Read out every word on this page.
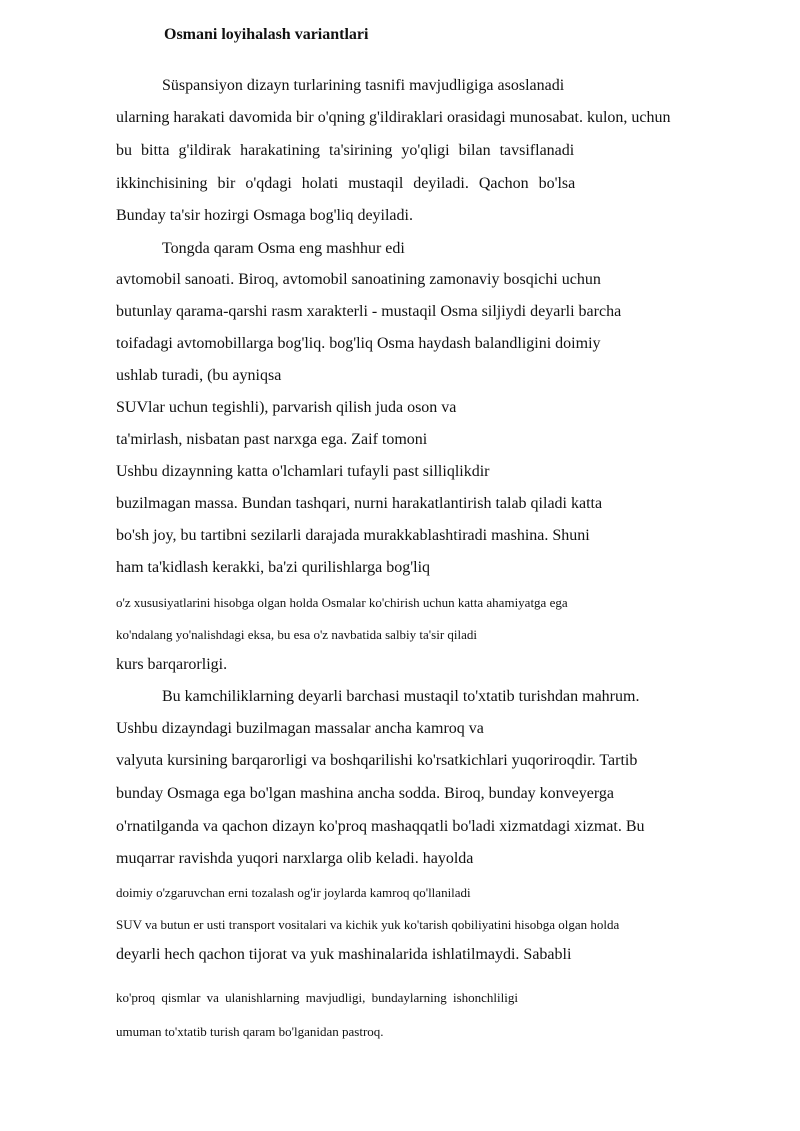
Osmani loyihalash variantlari
Süspansiyon dizayn turlarining tasnifi mavjudligiga asoslanadi
ularning harakati davomida bir o'qning g'ildiraklari orasidagi munosabat. kulon, uchun
bu bitta g'ildirak harakatining ta'sirining yo'qligi bilan tavsiflanadi
ikkinchisining bir o'qdagi holati mustaqil deyiladi. Qachon bo'lsa
Bunday ta'sir hozirgi Osmaga bog'liq deyiladi.
Tongda qaram Osma eng mashhur edi
avtomobil sanoati. Biroq, avtomobil sanoatining zamonaviy bosqichi uchun
butunlay qarama-qarshi rasm xarakterli - mustaqil Osma siljiydi deyarli barcha
toifadagi avtomobillarga bog'liq. bog'liq Osma haydash balandligini doimiy
ushlab turadi, (bu ayniqsa
SUVlar uchun tegishli), parvarish qilish juda oson va
ta'mirlash, nisbatan past narxga ega. Zaif tomoni
Ushbu dizaynning katta o'lchamlari tufayli past silliqlikdir
buzilmagan massa. Bundan tashqari, nurni harakatlantirish talab qiladi katta
bo'sh joy, bu tartibni sezilarli darajada murakkablashtiradi mashina. Shuni
ham ta'kidlash kerakki, ba'zi qurilishlarga bog'liq
o'z xususiyatlarini hisobga olgan holda Osmalar ko'chirish uchun katta ahamiyatga ega
ko'ndalang yo'nalishdagi eksa, bu esa o'z navbatida salbiy ta'sir qiladi
kurs barqarorligi.
Bu kamchiliklarning deyarli barchasi mustaqil to'xtatib turishdan mahrum.
Ushbu dizayndagi buzilmagan massalar ancha kamroq va
valyuta kursining barqarorligi va boshqarilishi ko'rsatkichlari yuqoriroqdir. Tartib
bunday Osmaga ega bo'lgan mashina ancha sodda. Biroq, bunday konveyerga
o'rnatilganda va qachon dizayn ko'proq mashaqqatli bo'ladi xizmatdagi xizmat. Bu
muqarrar ravishda yuqori narxlarga olib keladi. hayolda
doimiy o'zgaruvchan erni tozalash og'ir joylarda kamroq qo'llaniladi
SUV va butun er usti transport vositalari va kichik yuk ko'tarish qobiliyatini hisobga olgan holda
deyarli hech qachon tijorat va yuk mashinalarida ishlatilmaydi. Sababli
ko'proq qismlar va ulanishlarning mavjudligi, bundaylarning ishonchliligi
umuman to'xtatib turish qaram bo'lganidan pastroq.
